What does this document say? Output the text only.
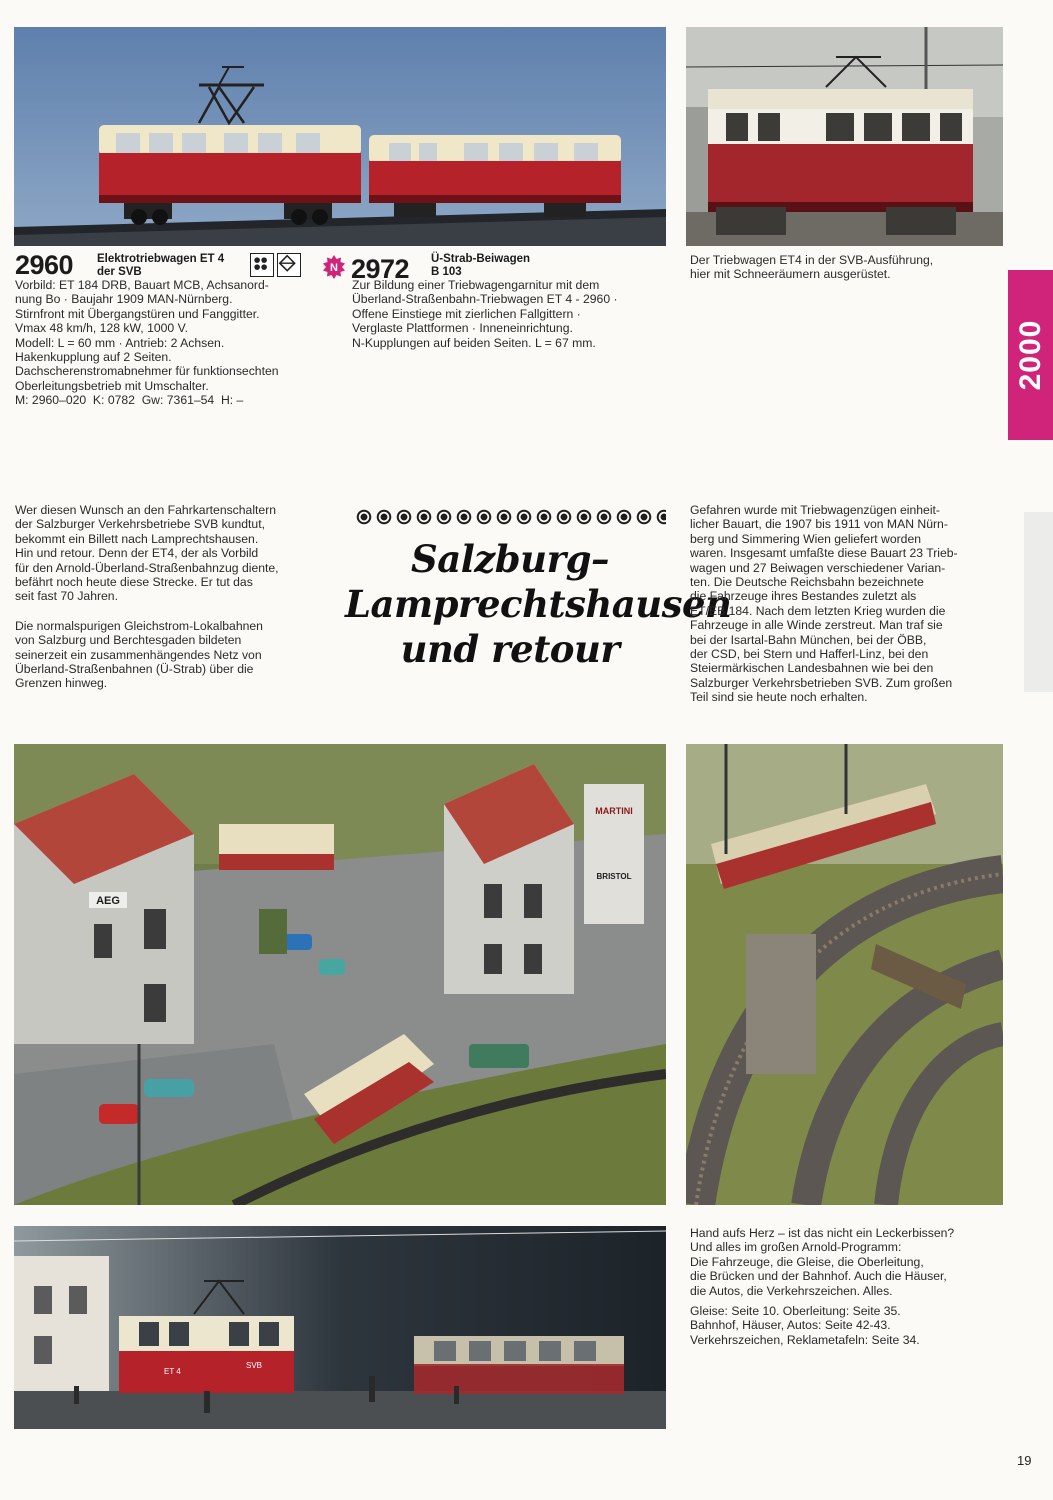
2000
2960 Elektrotriebwagen ET 4
der SVB
Vorbild: ET 184 DRB, Bauart MCB, Achsanord-
nung Bo · Baujahr 1909 MAN-Nürnberg.
Stirnfront mit Übergangstüren und Fanggitter.
Vmax 48 km/h, 128 kW, 1000 V.
Modell: L = 60 mm · Antrieb: 2 Achsen.
Hakenkupplung auf 2 Seiten.
Dachscherenstromabnehmer für funktionsechten
Oberleitungsbetrieb mit Umschalter.
M: 2960–020  K: 0782  Gw: 7361–54  H: –
N 2972 Ü-Strab-Beiwagen
B 103
Zur Bildung einer Triebwagengarnitur mit dem
Überland-Straßenbahn-Triebwagen ET 4 - 2960 ·
Offene Einstiege mit zierlichen Fallgittern ·
Verglaste Plattformen · Inneneinrichtung.
N-Kupplungen auf beiden Seiten. L = 67 mm.
Der Triebwagen ET4 in der SVB-Ausführung,
hier mit Schneeräumern ausgerüstet.

Wer diesen Wunsch an den Fahrkartenschaltern
der Salzburger Verkehrsbetriebe SVB kundtut,
bekommt ein Billett nach Lamprechtshausen.
Hin und retour. Denn der ET4, der als Vorbild
für den Arnold-Überland-Straßenbahnzug diente,
befährt noch heute diese Strecke. Er tut das
seit fast 70 Jahren.

Die normalspurigen Gleichstrom-Lokalbahnen
von Salzburg und Berchtesgaden bildeten
seinerzeit ein zusammenhängendes Netz von
Überland-Straßenbahnen (Ü-Strab) über die
Grenzen hinweg.

Salzburg–
Lamprechtshausen
und retour
Gefahren wurde mit Triebwagenzügen einheit-
licher Bauart, die 1907 bis 1911 von MAN Nürn-
berg und Simmering Wien geliefert worden
waren. Insgesamt umfaßte diese Bauart 23 Trieb-
wagen und 27 Beiwagen verschiedener Varian-
ten. Die Deutsche Reichsbahn bezeichnete
die Fahrzeuge ihres Bestandes zuletzt als
ET/EB 184. Nach dem letzten Krieg wurden die
Fahrzeuge in alle Winde zerstreut. Man traf sie
bei der Isartal-Bahn München, bei der ÖBB,
der CSD, bei Stern und Hafferl-Linz, bei den
Steiermärkischen Landesbahnen wie bei den
Salzburger Verkehrsbetrieben SVB. Zum großen
Teil sind sie heute noch erhalten.
AEG
MARTINI
BRISTOL
ET 4
SVB

Hand aufs Herz – ist das nicht ein Leckerbissen?
Und alles im großen Arnold-Programm:
Die Fahrzeuge, die Gleise, die Oberleitung,
die Brücken und der Bahnhof. Auch die Häuser,
die Autos, die Verkehrszeichen. Alles.

Gleise: Seite 10. Oberleitung: Seite 35.
Bahnhof, Häuser, Autos: Seite 42-43.
Verkehrszeichen, Reklametafeln: Seite 34.

19
